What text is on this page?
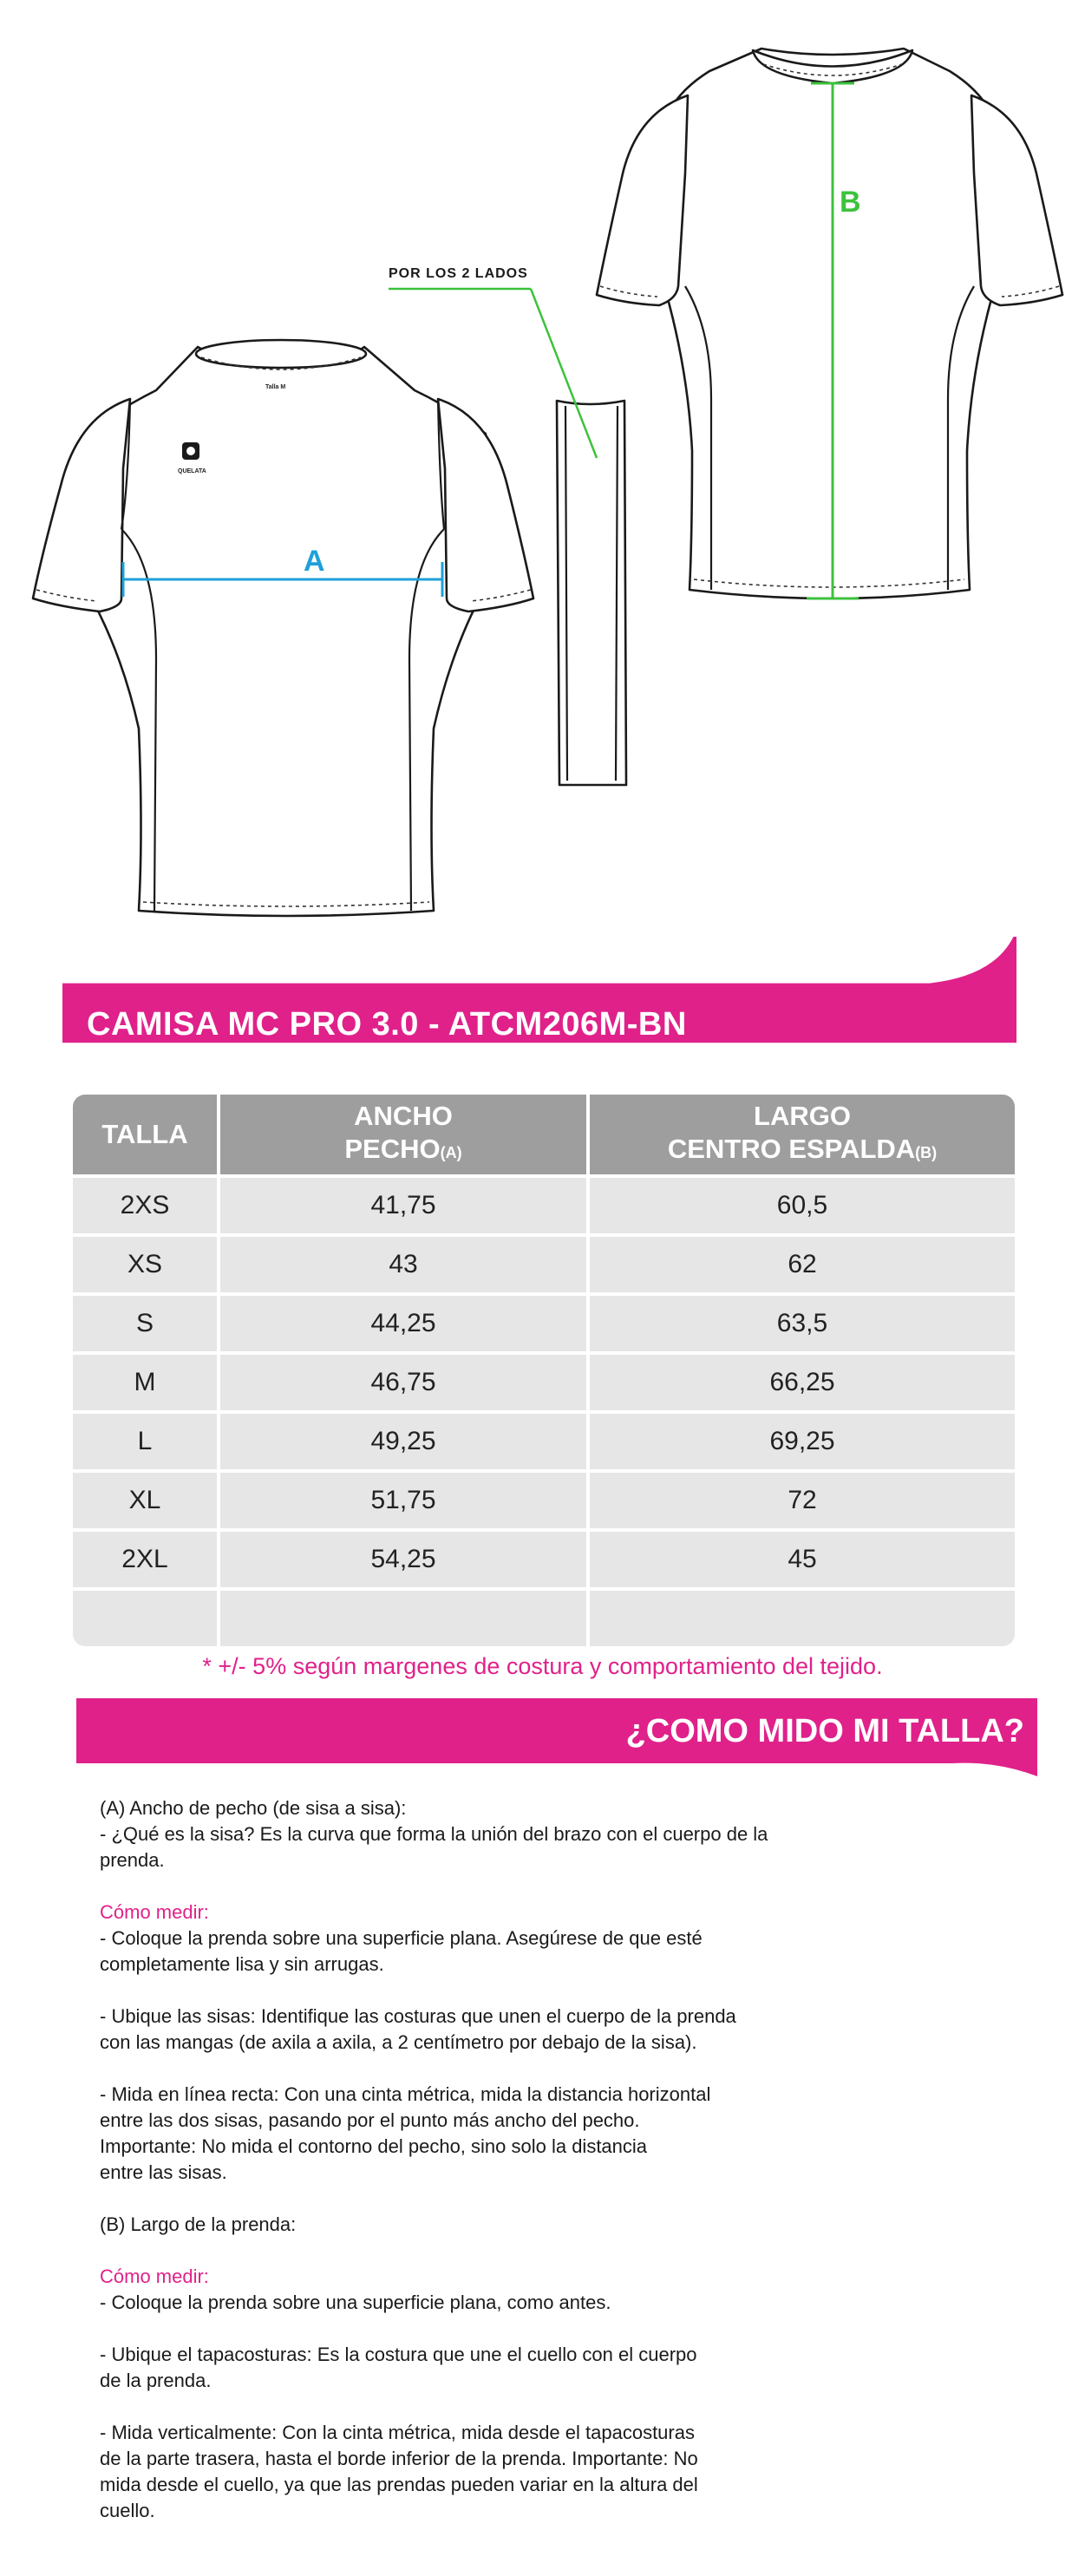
Talla M
QUELATA
A
POR LOS 2 LADOS
B
CAMISA MC PRO 3.0 - ATCM206M-BN
TALLA
ANCHO
PECHO(A)
LARGO
CENTRO ESPALDA(B)
2XS	41,75	60,5
XS	43	62
S	44,25	63,5
M	46,75	66,25
L	49,25	69,25
XL	51,75	72
2XL	54,25	45
* +/- 5% según margenes de costura y comportamiento del tejido.
¿COMO MIDO MI TALLA?

(A) Ancho de pecho (de sisa a sisa):
- ¿Qué es la sisa? Es la curva que forma la unión del brazo con el cuerpo de la
prenda.

Cómo medir:
- Coloque la prenda sobre una superficie plana. Asegúrese de que esté
completamente lisa y sin arrugas.

- Ubique las sisas: Identifique las costuras que unen el cuerpo de la prenda
con las mangas (de axila a axila, a 2 centímetro por debajo de la sisa).

- Mida en línea recta: Con una cinta métrica, mida la distancia horizontal
entre las dos sisas, pasando por el punto más ancho del pecho.
Importante: No mida el contorno del pecho, sino solo la distancia
entre las sisas.

(B) Largo de la prenda:

Cómo medir:
- Coloque la prenda sobre una superficie plana, como antes.

- Ubique el tapacosturas: Es la costura que une el cuello con el cuerpo
de la prenda.

- Mida verticalmente: Con la cinta métrica, mida desde el tapacosturas
de la parte trasera, hasta el borde inferior de la prenda. Importante: No
mida desde el cuello, ya que las prendas pueden variar en la altura del
cuello.
